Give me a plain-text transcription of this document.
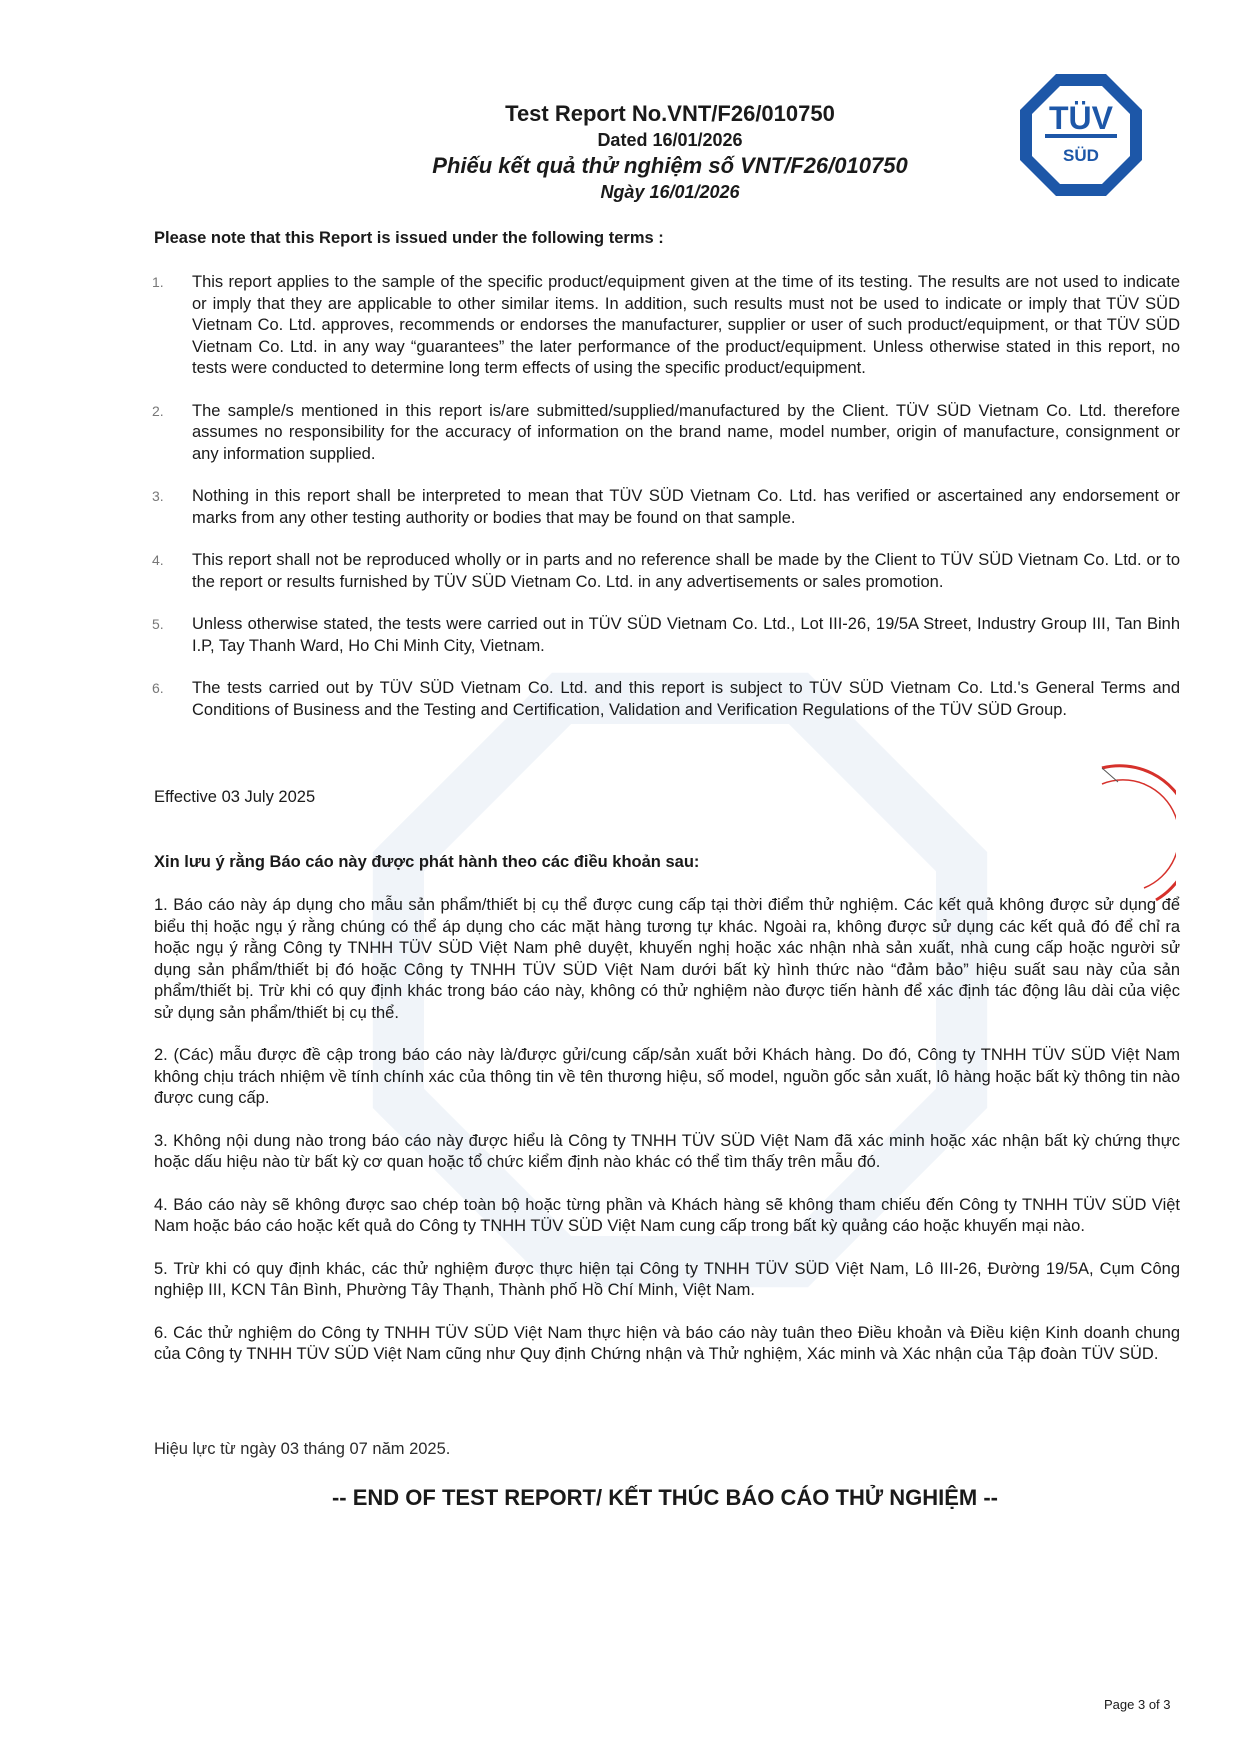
Test Report No.VNT/F26/010750
Dated 16/01/2026
Phiếu kết quả thử nghiệm số VNT/F26/010750
Ngày 16/01/2026
TÜV
SÜD
Please note that this Report is issued under the following terms :
1. This report applies to the sample of the specific product/equipment given at the time of its testing. The results are not used to indicate or imply that they are applicable to other similar items. In addition, such results must not be used to indicate or imply that TÜV SÜD Vietnam Co. Ltd. approves, recommends or endorses the manufacturer, supplier or user of such product/equipment, or that TÜV SÜD Vietnam Co. Ltd. in any way “guarantees” the later performance of the product/equipment. Unless otherwise stated in this report, no tests were conducted to determine long term effects of using the specific product/equipment.
2. The sample/s mentioned in this report is/are submitted/supplied/manufactured by the Client. TÜV SÜD Vietnam Co. Ltd. therefore assumes no responsibility for the accuracy of information on the brand name, model number, origin of manufacture, consignment or any information supplied.
3. Nothing in this report shall be interpreted to mean that TÜV SÜD Vietnam Co. Ltd. has verified or ascertained any endorsement or marks from any other testing authority or bodies that may be found on that sample.
4. This report shall not be reproduced wholly or in parts and no reference shall be made by the Client to TÜV SÜD Vietnam Co. Ltd. or to the report or results furnished by TÜV SÜD Vietnam Co. Ltd. in any advertisements or sales promotion.
5. Unless otherwise stated, the tests were carried out in TÜV SÜD Vietnam Co. Ltd., Lot III-26, 19/5A Street, Industry Group III, Tan Binh I.P, Tay Thanh Ward, Ho Chi Minh City, Vietnam.
6. The tests carried out by TÜV SÜD Vietnam Co. Ltd. and this report is subject to TÜV SÜD Vietnam Co. Ltd.'s General Terms and Conditions of Business and the Testing and Certification, Validation and Verification Regulations of the TÜV SÜD Group.
Effective 03 July 2025
Xin lưu ý rằng Báo cáo này được phát hành theo các điều khoản sau:

1. Báo cáo này áp dụng cho mẫu sản phẩm/thiết bị cụ thể được cung cấp tại thời điểm thử nghiệm. Các kết quả không được sử dụng để biểu thị hoặc ngụ ý rằng chúng có thể áp dụng cho các mặt hàng tương tự khác. Ngoài ra, không được sử dụng các kết quả đó để chỉ ra hoặc ngụ ý rằng Công ty TNHH TÜV SÜD Việt Nam phê duyệt, khuyến nghị hoặc xác nhận nhà sản xuất, nhà cung cấp hoặc người sử dụng sản phẩm/thiết bị đó hoặc Công ty TNHH TÜV SÜD Việt Nam dưới bất kỳ hình thức nào “đảm bảo” hiệu suất sau này của sản phẩm/thiết bị. Trừ khi có quy định khác trong báo cáo này, không có thử nghiệm nào được tiến hành để xác định tác động lâu dài của việc sử dụng sản phẩm/thiết bị cụ thể.

2. (Các) mẫu được đề cập trong báo cáo này là/được gửi/cung cấp/sản xuất bởi Khách hàng. Do đó, Công ty TNHH TÜV SÜD Việt Nam không chịu trách nhiệm về tính chính xác của thông tin về tên thương hiệu, số model, nguồn gốc sản xuất, lô hàng hoặc bất kỳ thông tin nào được cung cấp.

3. Không nội dung nào trong báo cáo này được hiểu là Công ty TNHH TÜV SÜD Việt Nam đã xác minh hoặc xác nhận bất kỳ chứng thực hoặc dấu hiệu nào từ bất kỳ cơ quan hoặc tổ chức kiểm định nào khác có thể tìm thấy trên mẫu đó.

4. Báo cáo này sẽ không được sao chép toàn bộ hoặc từng phần và Khách hàng sẽ không tham chiếu đến Công ty TNHH TÜV SÜD Việt Nam hoặc báo cáo hoặc kết quả do Công ty TNHH TÜV SÜD Việt Nam cung cấp trong bất kỳ quảng cáo hoặc khuyến mại nào.

5. Trừ khi có quy định khác, các thử nghiệm được thực hiện tại Công ty TNHH TÜV SÜD Việt Nam, Lô III-26, Đường 19/5A, Cụm Công nghiệp III, KCN Tân Bình, Phường Tây Thạnh, Thành phố Hồ Chí Minh, Việt Nam.

6. Các thử nghiệm do Công ty TNHH TÜV SÜD Việt Nam thực hiện và báo cáo này tuân theo Điều khoản và Điều kiện Kinh doanh chung của Công ty TNHH TÜV SÜD Việt Nam cũng như Quy định Chứng nhận và Thử nghiệm, Xác minh và Xác nhận của Tập đoàn TÜV SÜD.

Hiệu lực từ ngày 03 tháng 07 năm 2025.
-- END OF TEST REPORT/ KẾT THÚC BÁO CÁO THỬ NGHIỆM --
Page 3 of 3
